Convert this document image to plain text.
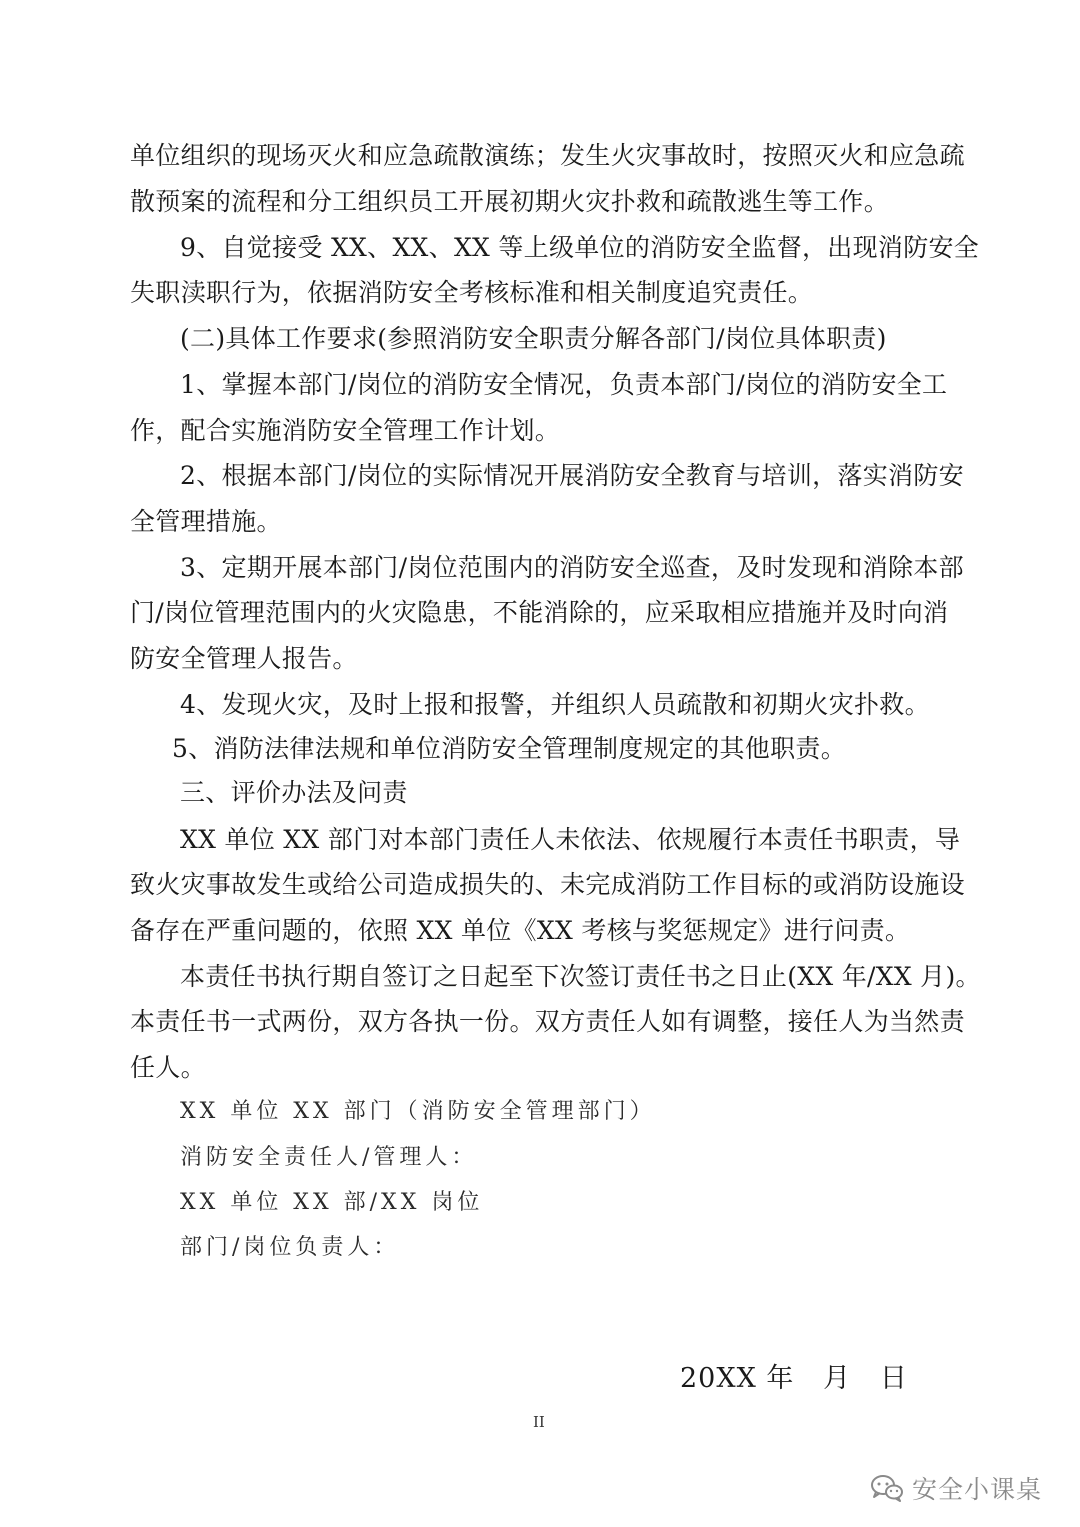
单位组织的现场灭火和应急疏散演练；发生火灾事故时，按照灭火和应急疏
散预案的流程和分工组织员工开展初期火灾扑救和疏散逃生等工作。
9、自觉接受 XX、XX、XX 等上级单位的消防安全监督，出现消防安全
失职渎职行为，依据消防安全考核标准和相关制度追究责任。
(二)具体工作要求(参照消防安全职责分解各部门/岗位具体职责)
1、掌握本部门/岗位的消防安全情况，负责本部门/岗位的消防安全工
作，配合实施消防安全管理工作计划。
2、根据本部门/岗位的实际情况开展消防安全教育与培训，落实消防安
全管理措施。
3、定期开展本部门/岗位范围内的消防安全巡查，及时发现和消除本部
门/岗位管理范围内的火灾隐患，不能消除的，应采取相应措施并及时向消
防安全管理人报告。
4、发现火灾，及时上报和报警，并组织人员疏散和初期火灾扑救。
5、消防法律法规和单位消防安全管理制度规定的其他职责。
三、评价办法及问责
XX 单位 XX 部门对本部门责任人未依法、依规履行本责任书职责，导
致火灾事故发生或给公司造成损失的、未完成消防工作目标的或消防设施设
备存在严重问题的，依照 XX 单位《XX 考核与奖惩规定》进行问责。
本责任书执行期自签订之日起至下次签订责任书之日止(XX 年/XX 月)。
本责任书一式两份，双方各执一份。双方责任人如有调整，接任人为当然责
任人。
XX 单位 XX 部门（消防安全管理部门）
消防安全责任人/管理人：
XX 单位 XX 部/XX 岗位
部门/岗位负责人：
20XX 年   月   日
II
安全小课桌
